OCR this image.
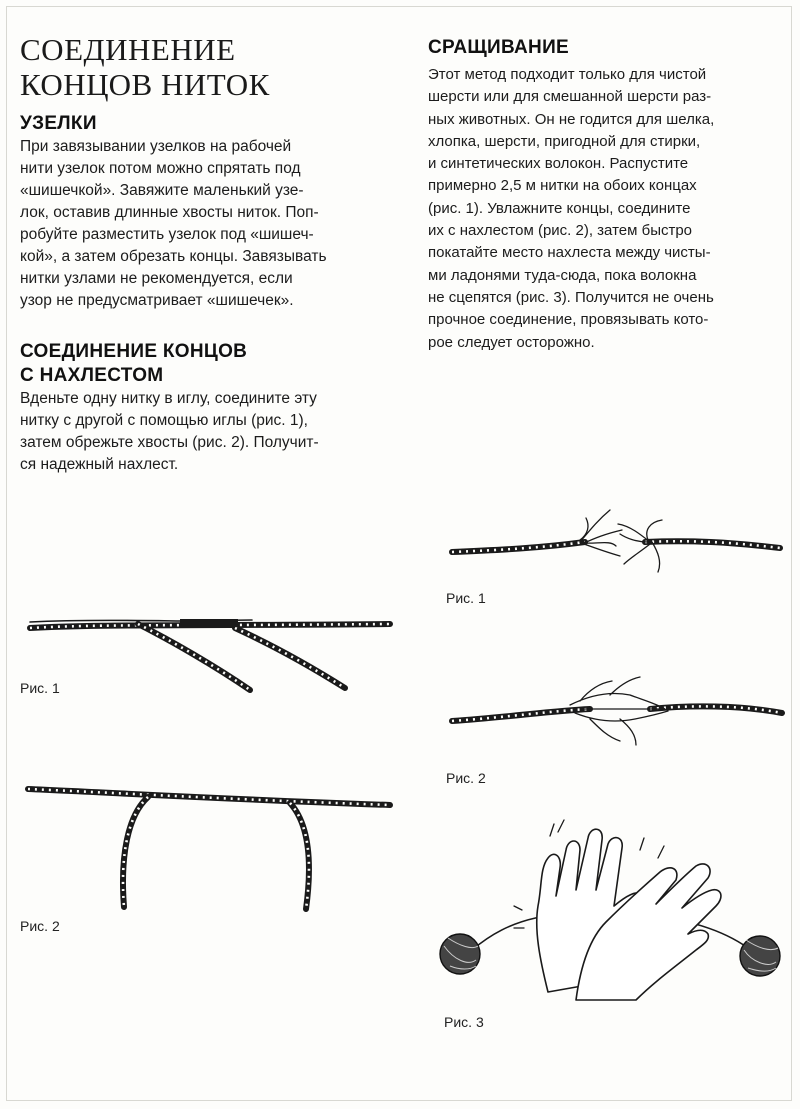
СОЕДИНЕНИЕ
КОНЦОВ НИТОК
УЗЕЛКИ

При завязывании узелков на рабочей
нити узелок потом можно спрятать под
«шишечкой». Завяжите маленький узе-
лок, оставив длинные хвосты ниток. Поп-
робуйте разместить узелок под «шишеч-
кой», а затем обрезать концы. Завязывать
нитки узлами не рекомендуется, если
узор не предусматривает «шишечек».

СОЕДИНЕНИЕ КОНЦОВ
С НАХЛЕСТОМ

Вденьте одну нитку в иглу, соедините эту
нитку с другой с помощью иглы (рис. 1),
затем обрежьте хвосты (рис. 2). Получит-
ся надежный нахлест.

СРАЩИВАНИЕ

Этот метод подходит только для чистой
шерсти или для смешанной шерсти раз-
ных животных. Он не годится для шелка,
хлопка, шерсти, пригодной для стирки,
и синтетических волокон. Распустите
примерно 2,5 м нитки на обоих концах
(рис. 1). Увлажните концы, соедините
их с нахлестом (рис. 2), затем быстро
покатайте место нахлеста между чисты-
ми ладонями туда-сюда, пока волокна
не сцепятся (рис. 3). Получится не очень
прочное соединение, провязывать кото-
рое следует осторожно.

Рис. 1
Рис. 2
Рис. 1
Рис. 2
Рис. 3
